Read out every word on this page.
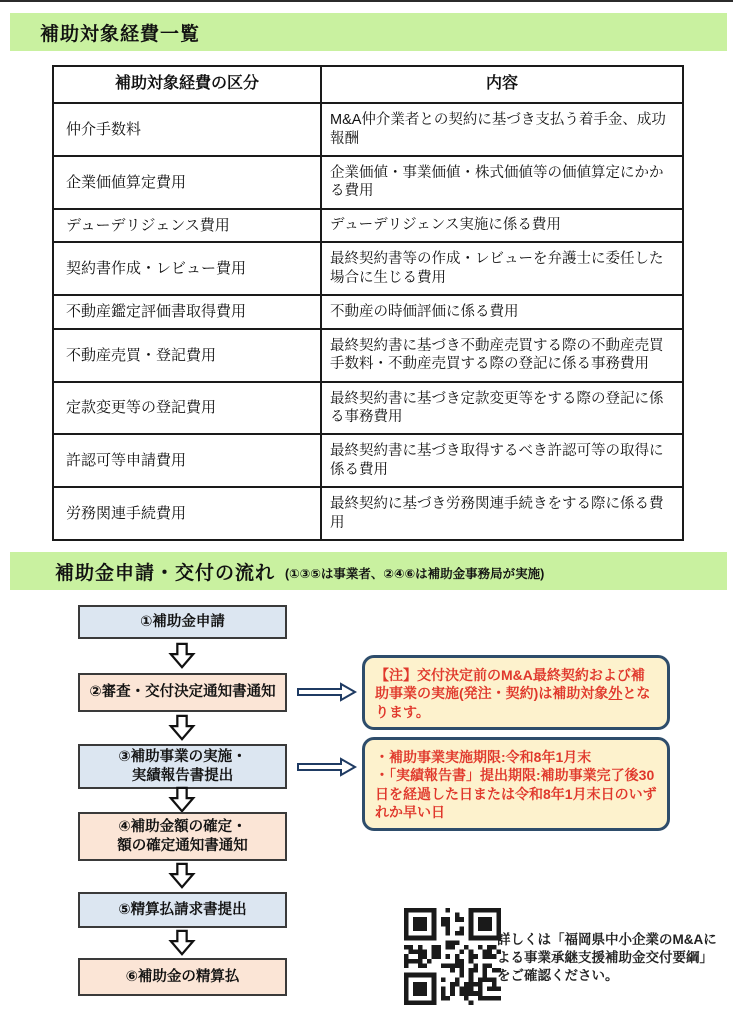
補助対象経費一覧
補助対象経費の区分	内容
仲介手数料	M&A仲介業者との契約に基づき支払う着手金、成功報酬
企業価値算定費用	企業価値・事業価値・株式価値等の価値算定にかかる費用
デューデリジェンス費用	デューデリジェンス実施に係る費用
契約書作成・レビュー費用	最終契約書等の作成・レビューを弁護士に委任した場合に生じる費用
不動産鑑定評価書取得費用	不動産の時価評価に係る費用
不動産売買・登記費用	最終契約書に基づき不動産売買する際の不動産売買手数料・不動産売買する際の登記に係る事務費用
定款変更等の登記費用	最終契約書に基づき定款変更等をする際の登記に係る事務費用
許認可等申請費用	最終契約書に基づき取得するべき許認可等の取得に係る費用
労務関連手続費用	最終契約に基づき労務関連手続きをする際に係る費用
補助金申請・交付の流れ (①③⑤は事業者、②④⑥は補助金事務局が実施)
①補助金申請
②審査・交付決定通知書通知
③補助事業の実施・
実績報告書提出
④補助金額の確定・
額の確定通知書通知
⑤精算払請求書提出
⑥補助金の精算払
【注】交付決定前のM&A最終契約および補助事業の実施(発注・契約)は補助対象外となります。
・補助事業実施期限:令和8年1月末
・「実績報告書」提出期限:補助事業完了後30日を経過した日または令和8年1月末日のいずれか早い日
詳しくは「福岡県中小企業のM&Aによる事業承継支援補助金交付要綱」をご確認ください。
